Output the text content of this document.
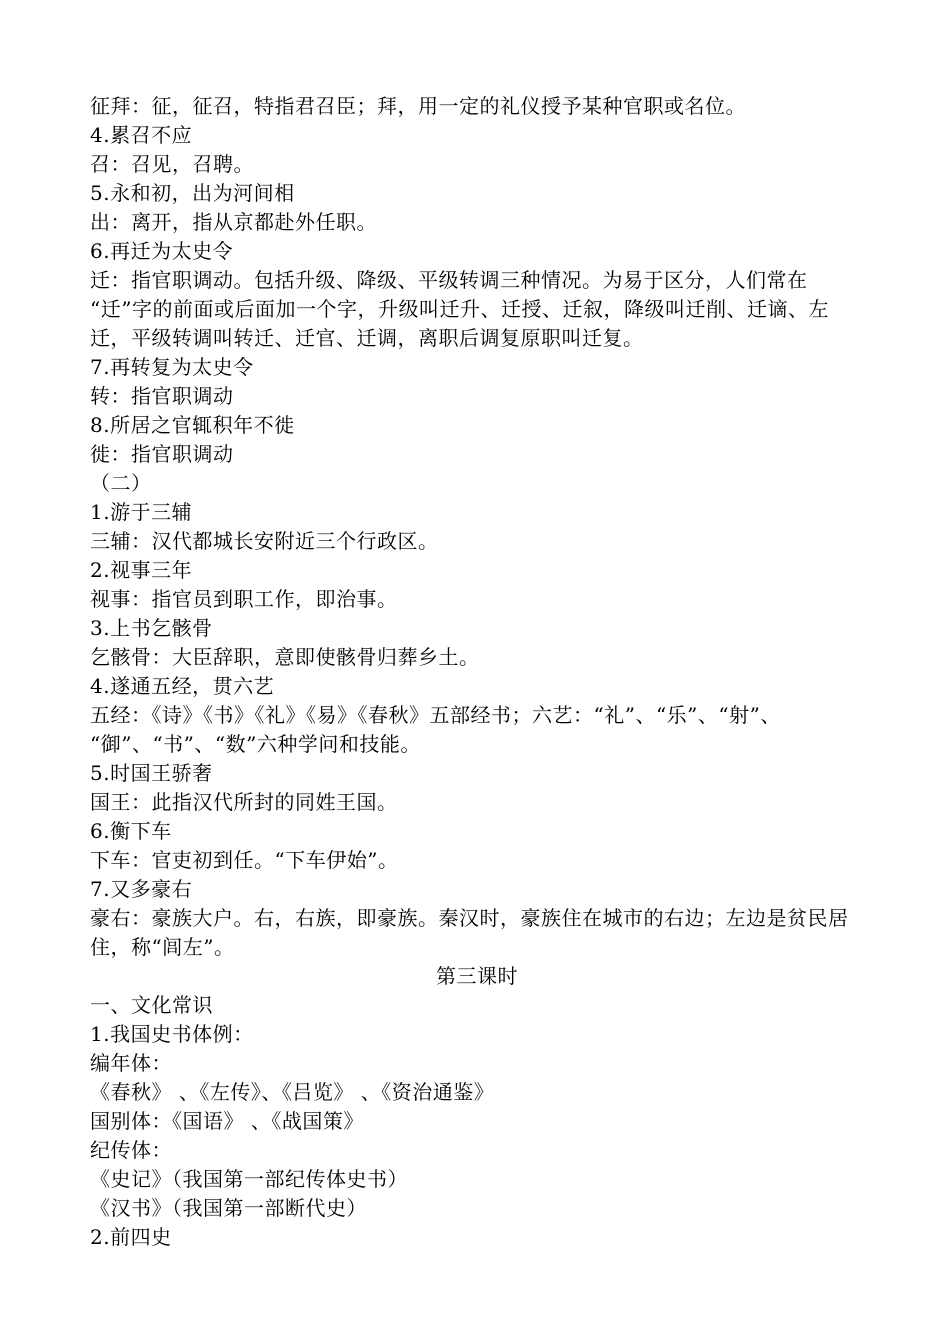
征拜：征，征召，特指君召臣；拜，用一定的礼仪授予某种官职或名位。

4.累召不应

召：召见，召聘。

5.永和初，出为河间相

出：离开，指从京都赴外任职。

6.再迁为太史令

迁：指官职调动。包括升级、降级、平级转调三种情况。为易于区分，人们常在

“迁”字的前面或后面加一个字，升级叫迁升、迁授、迁叙，降级叫迁削、迁谪、左

迁，平级转调叫转迁、迁官、迁调，离职后调复原职叫迁复。

7.再转复为太史令

转：指官职调动

8.所居之官辄积年不徙

徙：指官职调动

（二）

1.游于三辅

三辅：汉代都城长安附近三个行政区。

2.视事三年

视事：指官员到职工作，即治事。

3.上书乞骸骨

乞骸骨：大臣辞职，意即使骸骨归葬乡土。

4.遂通五经，贯六艺

五经：《诗》《书》《礼》《易》《春秋》五部经书；六艺：“礼”、“乐”、“射”、

“御”、“书”、“数”六种学问和技能。

5.时国王骄奢

国王：此指汉代所封的同姓王国。

6.衡下车

下车：官吏初到任。“下车伊始”。

7.又多豪右

豪右：豪族大户。右，右族，即豪族。秦汉时，豪族住在城市的右边；左边是贫民居

住，称“闾左”。

第三课时

一、文化常识

1.我国史书体例：

编年体：

《春秋》 、《左传》、《吕览》 、《资治通鉴》

国别体：《国语》 、《战国策》

纪传体：

《史记》（我国第一部纪传体史书）

《汉书》（我国第一部断代史）

2.前四史
